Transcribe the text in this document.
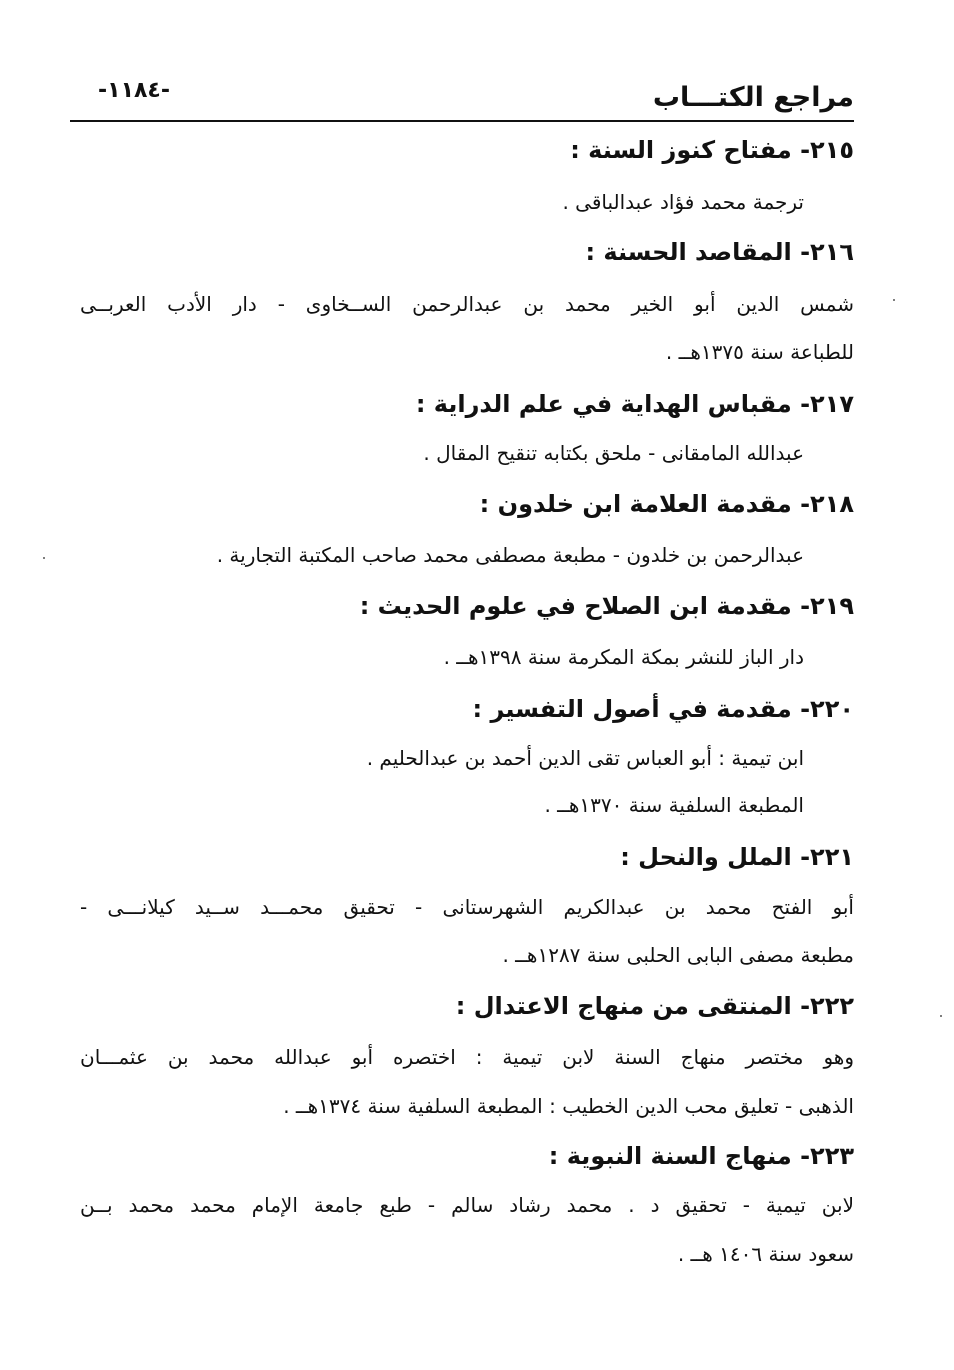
مراجع الكتـــاب
-١١٨٤-
٢١٥- مفتاح كنوز السنة :
ترجمة محمد فؤاد عبدالباقى .
٢١٦- المقاصد الحسنة :
شمس الدين أبو الخير محمد بن عبدالرحمن الســخاوى - دار الأدب العربــى
للطباعة سنة ١٣٧٥هــ .
٢١٧- مقباس الهداية في علم الدراية :
عبدالله المامقانى - ملحق بكتابه تنقيح المقال .
٢١٨- مقدمة العلامة ابن خلدون :
عبدالرحمن بن خلدون - مطبعة مصطفى محمد صاحب المكتبة التجارية .
٢١٩- مقدمة ابن الصلاح في علوم الحديث :
دار الباز للنشر بمكة المكرمة سنة ١٣٩٨هــ .
٢٢٠- مقدمة في أصول التفسير :
ابن تيمية : أبو العباس تقى الدين أحمد بن عبدالحليم .
المطبعة السلفية سنة ١٣٧٠هــ .
٢٢١- الملل والنحل :
أبو الفتح محمد بن عبدالكريم الشهرستانى - تحقيق محمـــد ســيد كيلانـــى -
مطبعة مصفى البابى الحلبى سنة ١٢٨٧هــ .
٢٢٢- المنتقى من منهاج الاعتدال :
وهو مختصر منهاج السنة لابن تيمية : اختصره أبو عبدالله محمد بن عثمـــان
الذهبى - تعليق محب الدين الخطيب : المطبعة السلفية سنة ١٣٧٤هــ .
٢٢٣- منهاج السنة النبوية :
لابن تيمية - تحقيق د . محمد رشاد سالم - طبع جامعة الإمام محمد محمد بــن
سعود سنة ١٤٠٦ هــ .
